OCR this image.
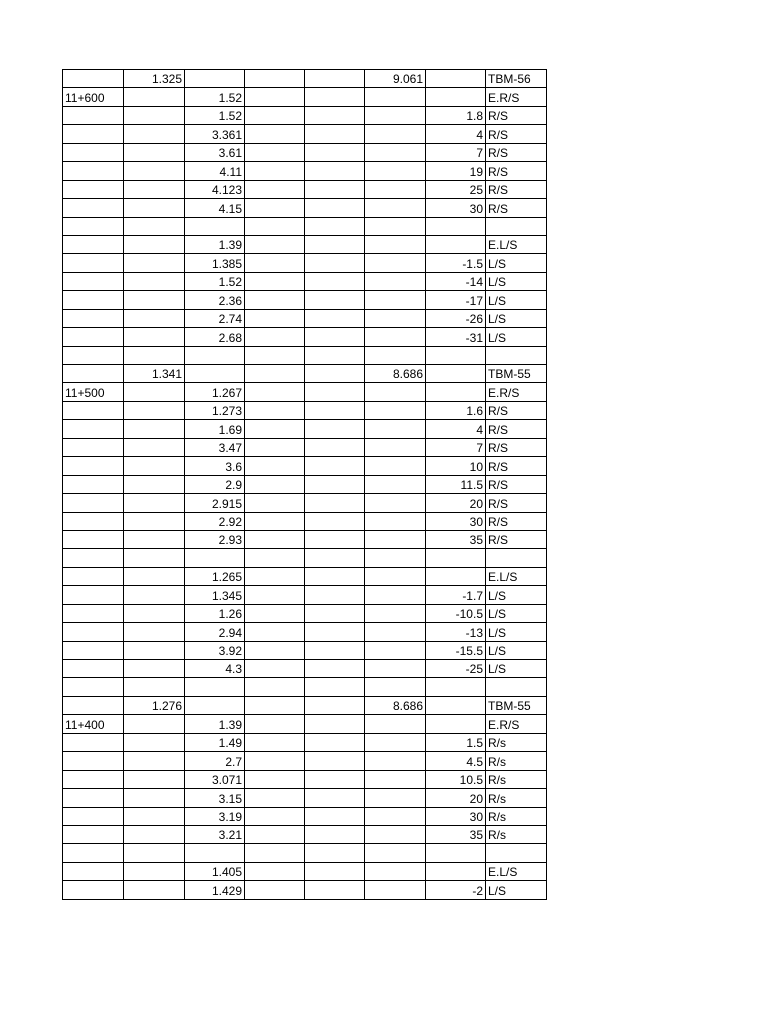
	1.325				9.061		TBM-56
11+600		1.52					E.R/S
		1.52				1.8	R/S
		3.361				4	R/S
		3.61				7	R/S
		4.11				19	R/S
		4.123				25	R/S
		4.15				30	R/S

		1.39					E.L/S
		1.385				-1.5	L/S
		1.52				-14	L/S
		2.36				-17	L/S
		2.74				-26	L/S
		2.68				-31	L/S

	1.341				8.686		TBM-55
11+500		1.267					E.R/S
		1.273				1.6	R/S
		1.69				4	R/S
		3.47				7	R/S
		3.6				10	R/S
		2.9				11.5	R/S
		2.915				20	R/S
		2.92				30	R/S
		2.93				35	R/S

		1.265					E.L/S
		1.345				-1.7	L/S
		1.26				-10.5	L/S
		2.94				-13	L/S
		3.92				-15.5	L/S
		4.3				-25	L/S

	1.276				8.686		TBM-55
11+400		1.39					E.R/S
		1.49				1.5	R/s
		2.7				4.5	R/s
		3.071				10.5	R/s
		3.15				20	R/s
		3.19				30	R/s
		3.21				35	R/s

		1.405					E.L/S
		1.429				-2	L/S
